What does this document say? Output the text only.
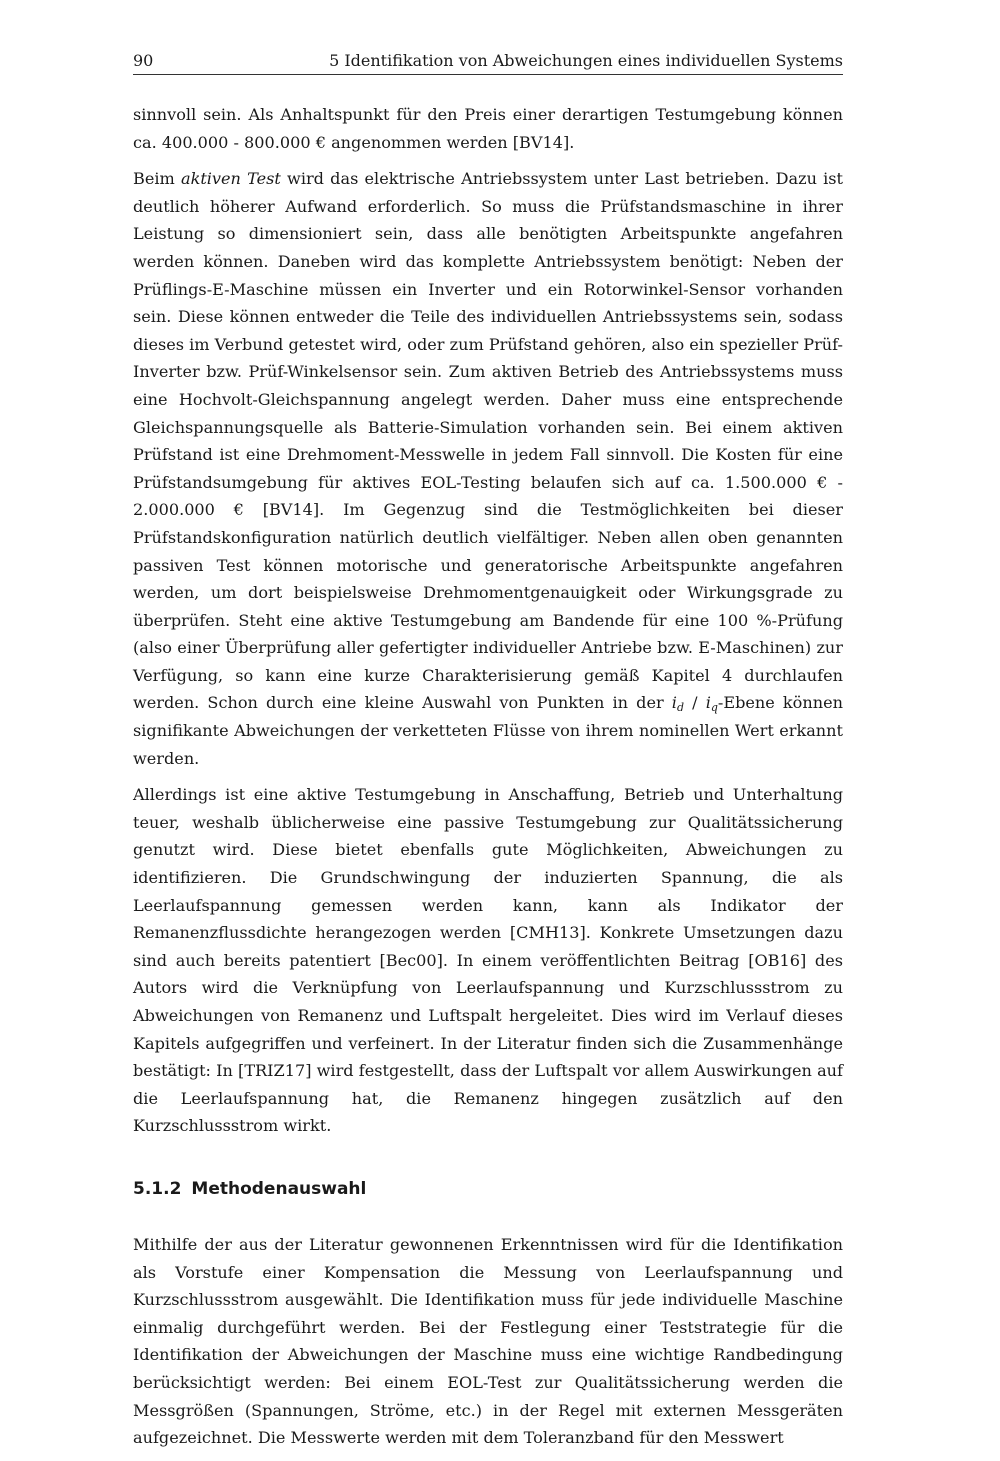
90	5 Identifikation von Abweichungen eines individuellen Systems

sinnvoll sein. Als Anhaltspunkt für den Preis einer derartigen Testumgebung können ca. 400.000 - 800.000 € angenommen werden [BV14].

Beim aktiven Test wird das elektrische Antriebssystem unter Last betrieben. Dazu ist deutlich höherer Aufwand erforderlich. So muss die Prüfstandsmaschine in ihrer Leistung so dimensioniert sein, dass alle benötigten Arbeitspunkte angefahren werden können. Daneben wird das komplette Antriebssystem benötigt: Neben der Prüflings-E-Maschine müssen ein Inverter und ein Rotorwinkel-Sensor vorhanden sein. Diese können entweder die Teile des individuellen Antriebssystems sein, sodass dieses im Verbund getestet wird, oder zum Prüfstand gehören, also ein spezieller Prüf-Inverter bzw. Prüf-Winkelsensor sein. Zum aktiven Betrieb des Antriebssystems muss eine Hochvolt-Gleichspannung angelegt werden. Daher muss eine entsprechende Gleichspannungsquelle als Batterie-Simulation vorhanden sein. Bei einem aktiven Prüfstand ist eine Drehmoment-Messwelle in jedem Fall sinnvoll. Die Kosten für eine Prüfstandsumgebung für aktives EOL-Testing belaufen sich auf ca. 1.500.000 € - 2.000.000 € [BV14]. Im Gegenzug sind die Testmöglichkeiten bei dieser Prüfstandskonfiguration natürlich deutlich vielfältiger. Neben allen oben genannten passiven Test können motorische und generatorische Arbeitspunkte angefahren werden, um dort beispielsweise Drehmomentgenauigkeit oder Wirkungsgrade zu überprüfen. Steht eine aktive Testumgebung am Bandende für eine 100 %-Prüfung (also einer Überprüfung aller gefertigter individueller Antriebe bzw. E-Maschinen) zur Verfügung, so kann eine kurze Charakterisierung gemäß Kapitel 4 durchlaufen werden. Schon durch eine kleine Auswahl von Punkten in der $i_d$ / $i_q$-Ebene können signifikante Abweichungen der verketteten Flüsse von ihrem nominellen Wert erkannt werden.

Allerdings ist eine aktive Testumgebung in Anschaffung, Betrieb und Unterhaltung teuer, weshalb üblicherweise eine passive Testumgebung zur Qualitätssicherung genutzt wird. Diese bietet ebenfalls gute Möglichkeiten, Abweichungen zu identifizieren. Die Grundschwingung der induzierten Spannung, die als Leerlaufspannung gemessen werden kann, kann als Indikator der Remanenzflussdichte herangezogen werden [CMH13]. Konkrete Umsetzungen dazu sind auch bereits patentiert [Bec00]. In einem veröffentlichten Beitrag [OB16] des Autors wird die Verknüpfung von Leerlaufspannung und Kurzschlussstrom zu Abweichungen von Remanenz und Luftspalt hergeleitet. Dies wird im Verlauf dieses Kapitels aufgegriffen und verfeinert. In der Literatur finden sich die Zusammenhänge bestätigt: In [TRIZ17] wird festgestellt, dass der Luftspalt vor allem Auswirkungen auf die Leerlaufspannung hat, die Remanenz hingegen zusätzlich auf den Kurzschlussstrom wirkt.

5.1.2 Methodenauswahl

Mithilfe der aus der Literatur gewonnenen Erkenntnissen wird für die Identifikation als Vorstufe einer Kompensation die Messung von Leerlaufspannung und Kurzschlussstrom ausgewählt. Die Identifikation muss für jede individuelle Maschine einmalig durchgeführt werden. Bei der Festlegung einer Teststrategie für die Identifikation der Abweichungen der Maschine muss eine wichtige Randbedingung berücksichtigt werden: Bei einem EOL-Test zur Qualitätssicherung werden die Messgrößen (Spannungen, Ströme, etc.) in der Regel mit externen Messgeräten aufgezeichnet. Die Messwerte werden mit dem Toleranzband für den Messwert
